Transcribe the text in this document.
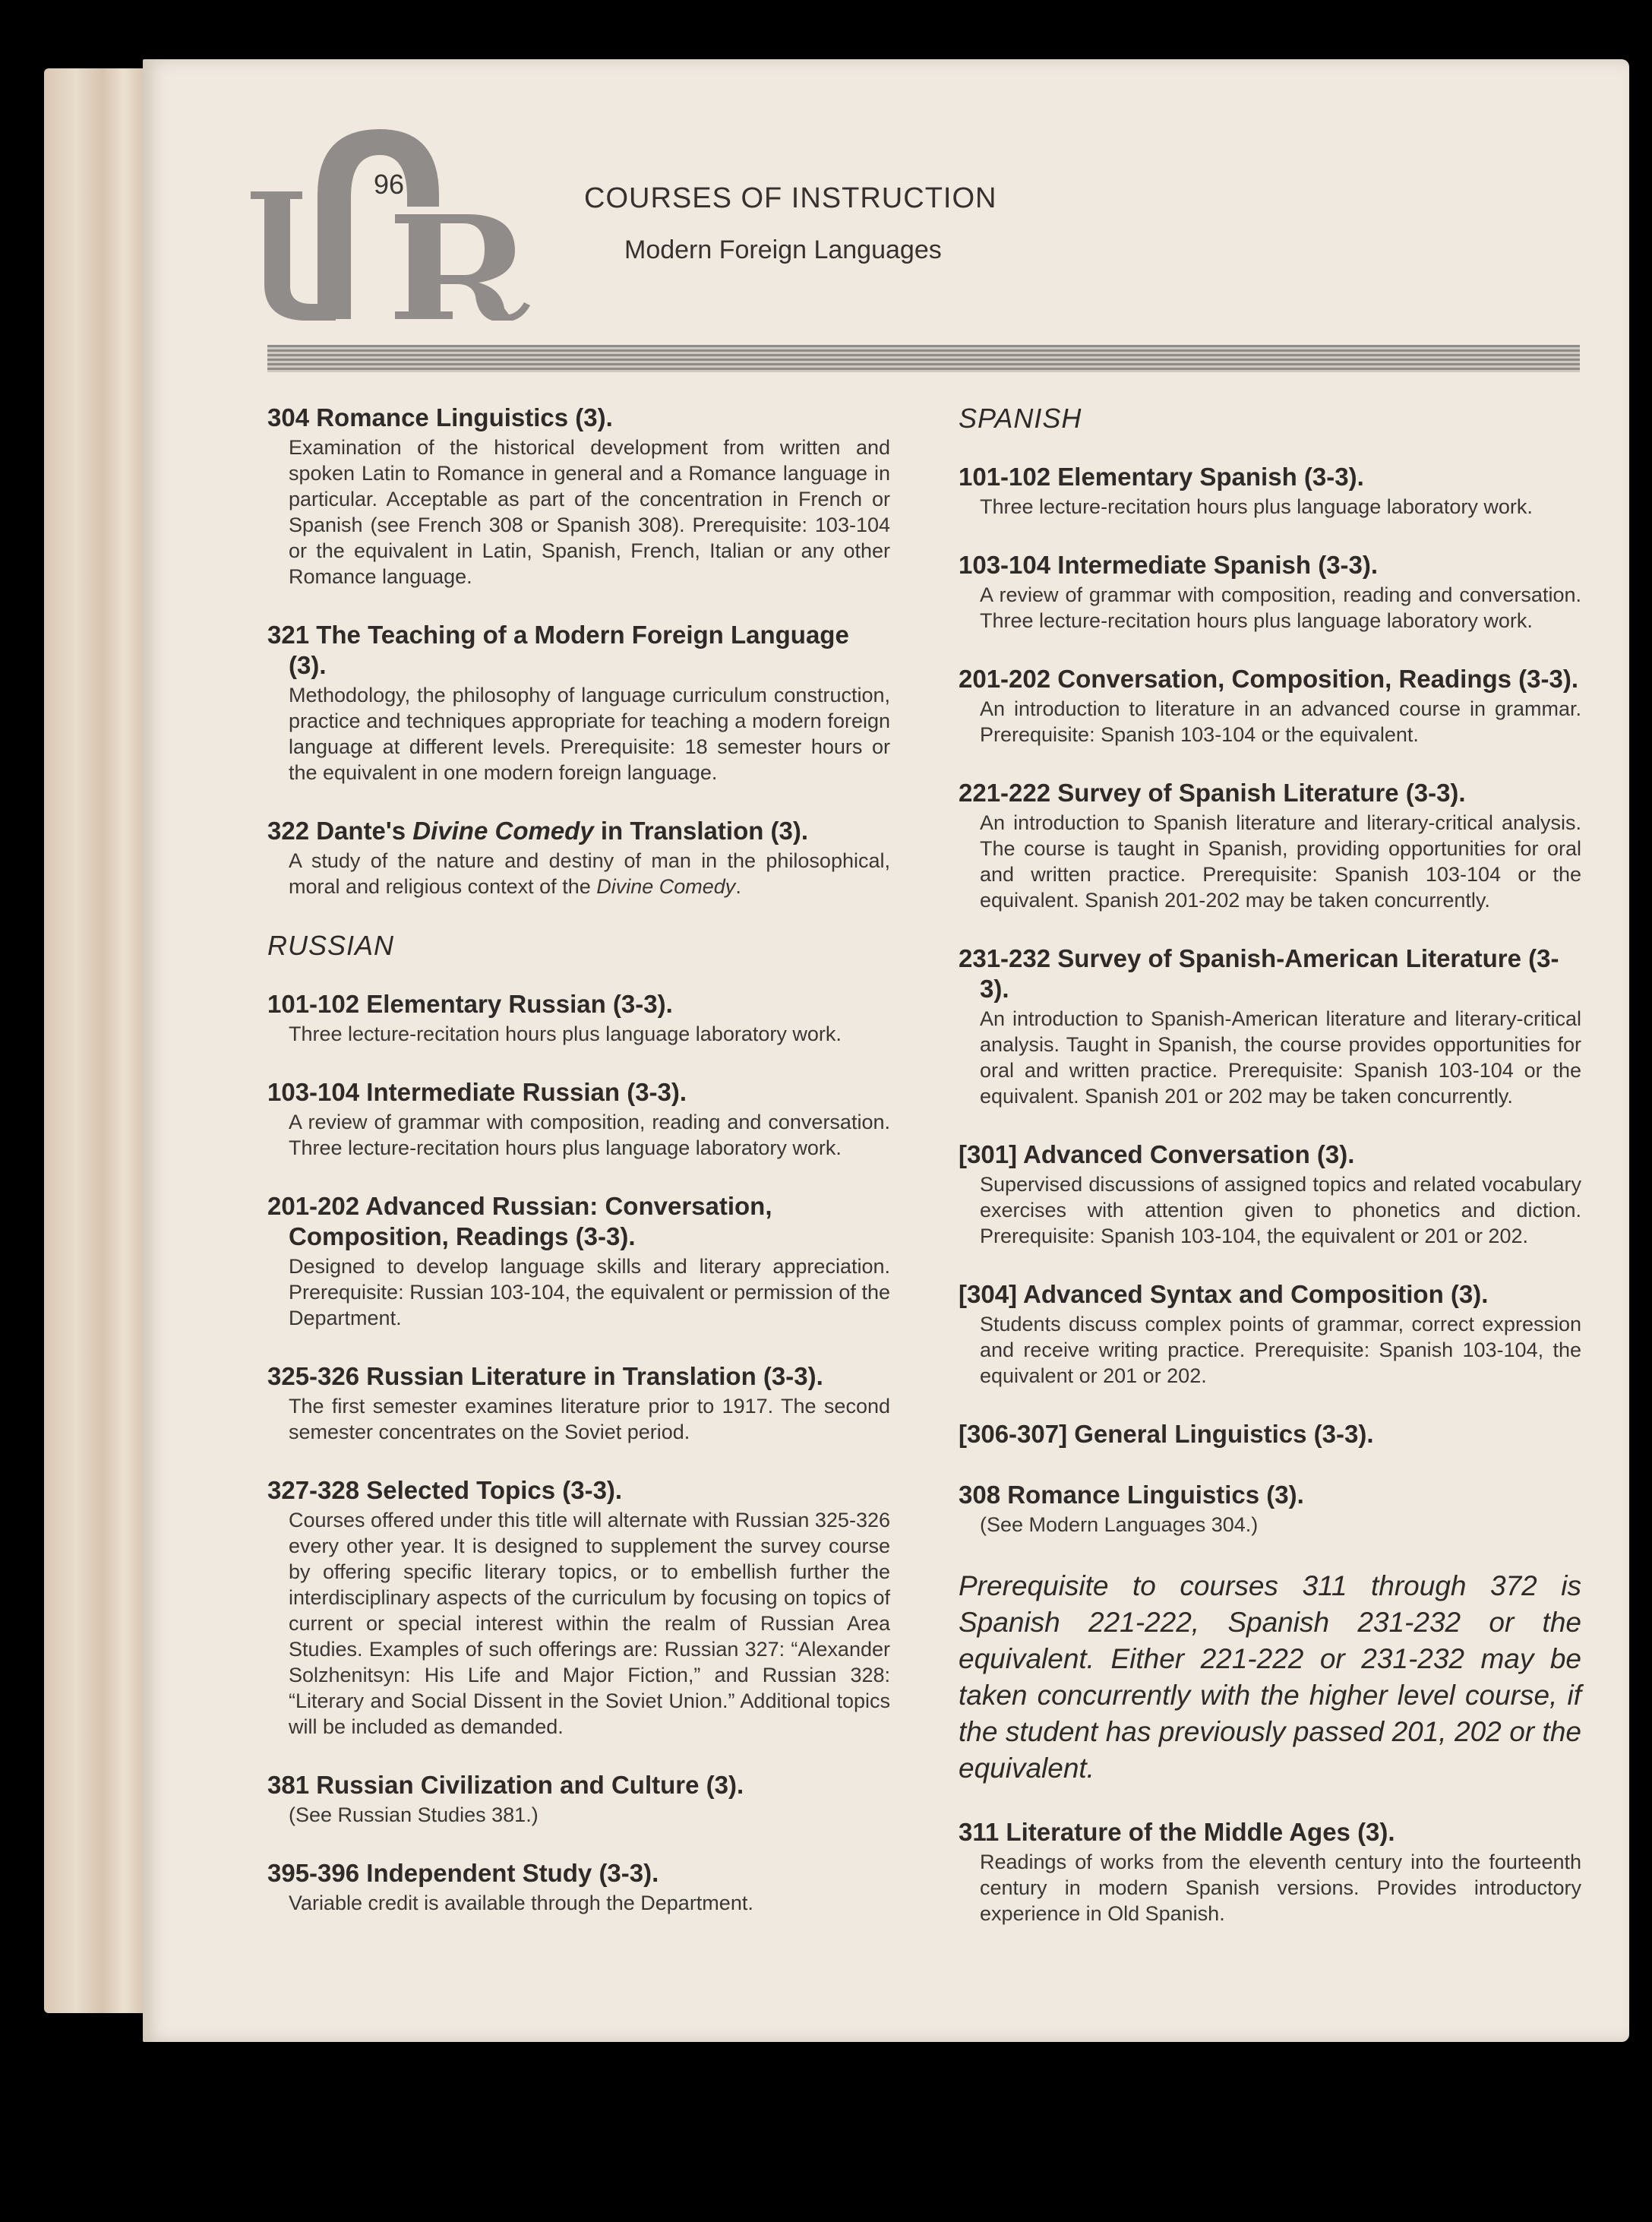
96	COURSES OF INSTRUCTION
Modern Foreign Languages
304 Romance Linguistics (3).
Examination of the historical development from written and spoken Latin to Romance in general and a Romance language in particular. Acceptable as part of the concentration in French or Spanish (see French 308 or Spanish 308). Prerequisite: 103-104 or the equivalent in Latin, Spanish, French, Italian or any other Romance language.
321 The Teaching of a Modern Foreign Language (3).
Methodology, the philosophy of language curriculum construction, practice and techniques appropriate for teaching a modern foreign language at different levels. Prerequisite: 18 semester hours or the equivalent in one modern foreign language.
322 Dante's Divine Comedy in Translation (3).
A study of the nature and destiny of man in the philosophical, moral and religious context of the Divine Comedy.
RUSSIAN
101-102 Elementary Russian (3-3).
Three lecture-recitation hours plus language laboratory work.
103-104 Intermediate Russian (3-3).
A review of grammar with composition, reading and conversation. Three lecture-recitation hours plus language laboratory work.
201-202 Advanced Russian: Conversation, Composition, Readings (3-3).
Designed to develop language skills and literary appreciation. Prerequisite: Russian 103-104, the equivalent or permission of the Department.
325-326 Russian Literature in Translation (3-3).
The first semester examines literature prior to 1917. The second semester concentrates on the Soviet period.
327-328 Selected Topics (3-3).
Courses offered under this title will alternate with Russian 325-326 every other year. It is designed to supplement the survey course by offering specific literary topics, or to embellish further the interdisciplinary aspects of the curriculum by focusing on topics of current or special interest within the realm of Russian Area Studies. Examples of such offerings are: Russian 327: “Alexander Solzhenitsyn: His Life and Major Fiction,” and Russian 328: “Literary and Social Dissent in the Soviet Union.” Additional topics will be included as demanded.
381 Russian Civilization and Culture (3).
(See Russian Studies 381.)
395-396 Independent Study (3-3).
Variable credit is available through the Department.
SPANISH
101-102 Elementary Spanish (3-3).
Three lecture-recitation hours plus language laboratory work.
103-104 Intermediate Spanish (3-3).
A review of grammar with composition, reading and conversation. Three lecture-recitation hours plus language laboratory work.
201-202 Conversation, Composition, Readings (3-3).
An introduction to literature in an advanced course in grammar. Prerequisite: Spanish 103-104 or the equivalent.
221-222 Survey of Spanish Literature (3-3).
An introduction to Spanish literature and literary-critical analysis. The course is taught in Spanish, providing opportunities for oral and written practice. Prerequisite: Spanish 103-104 or the equivalent. Spanish 201-202 may be taken concurrently.
231-232 Survey of Spanish-American Literature (3-3).
An introduction to Spanish-American literature and literary-critical analysis. Taught in Spanish, the course provides opportunities for oral and written practice. Prerequisite: Spanish 103-104 or the equivalent. Spanish 201 or 202 may be taken concurrently.
[301] Advanced Conversation (3).
Supervised discussions of assigned topics and related vocabulary exercises with attention given to phonetics and diction. Prerequisite: Spanish 103-104, the equivalent or 201 or 202.
[304] Advanced Syntax and Composition (3).
Students discuss complex points of grammar, correct expression and receive writing practice. Prerequisite: Spanish 103-104, the equivalent or 201 or 202.
[306-307] General Linguistics (3-3).
308 Romance Linguistics (3).
(See Modern Languages 304.)
Prerequisite to courses 311 through 372 is Spanish 221-222, Spanish 231-232 or the equivalent. Either 221-222 or 231-232 may be taken concurrently with the higher level course, if the student has previously passed 201, 202 or the equivalent.
311 Literature of the Middle Ages (3).
Readings of works from the eleventh century into the fourteenth century in modern Spanish versions. Provides introductory experience in Old Spanish.
